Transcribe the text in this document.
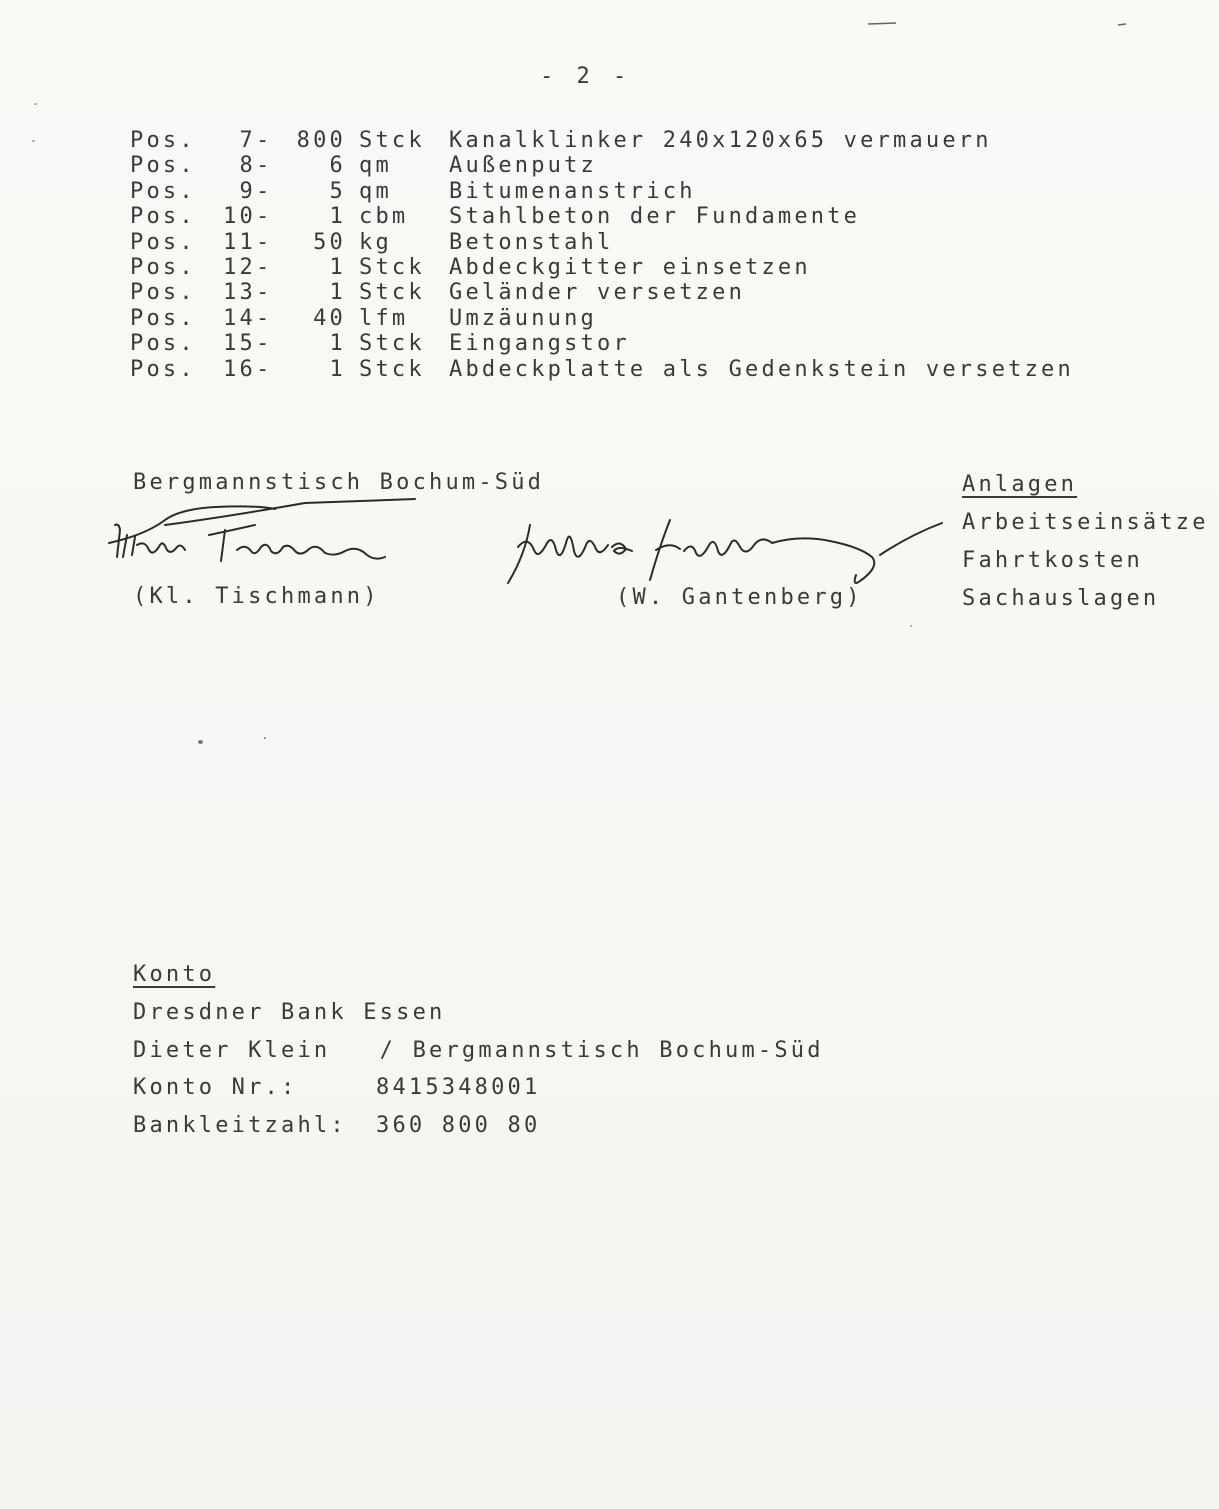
- 2 -
Pos.	7 -	800 Stck Kanalklinker 240x120x65 vermauern
Pos.	8 -	6 qm	Außenputz
Pos.	9 -	5 qm	Bitumenanstrich
Pos.	10 -	1 cbm Stahlbeton der Fundamente
Pos.	11 -	50 kg	Betonstahl
Pos.	12 -	1 Stck Abdeckgitter einsetzen
Pos.	13 -	1 Stck Geländer versetzen
Pos.	14 -	40 lfm Umzäunung
Pos.	15 -	1 Stck Eingangstor
Pos.	16 -	1 Stck Abdeckplatte als Gedenkstein versetzen
Bergmannstisch Bochum-Süd
(Kl. Tischmann)	(W. Gantenberg)
Anlagen
Arbeitseinsätze
Fahrtkosten
Sachauslagen
Konto
Dresdner Bank Essen
Dieter Klein   / Bergmannstisch Bochum-Süd
Konto Nr.:	8415348001
Bankleitzahl: 360 800 80
